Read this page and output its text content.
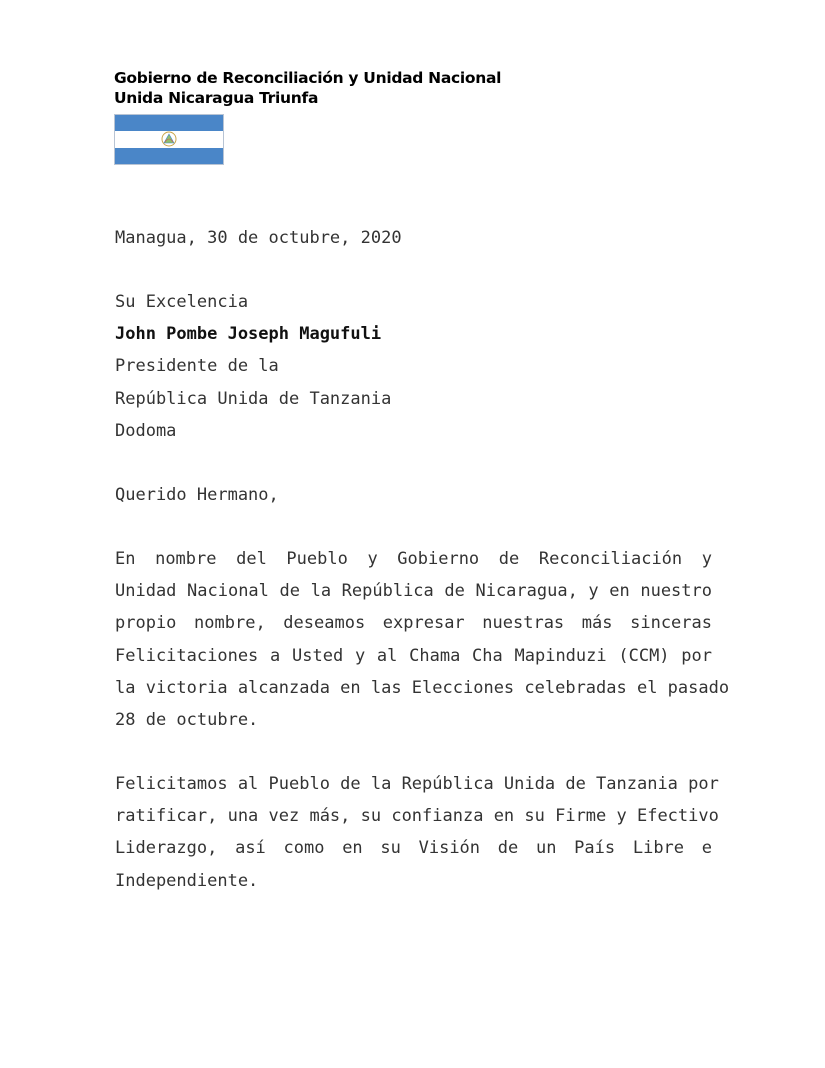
Gobierno de Reconciliación y Unidad Nacional
Unida Nicaragua Triunfa
Managua, 30 de octubre, 2020
Su Excelencia
John Pombe Joseph Magufuli
Presidente de la
República Unida de Tanzania
Dodoma
Querido Hermano,
En nombre del Pueblo y Gobierno de Reconciliación y
Unidad Nacional de la República de Nicaragua, y en nuestro
propio nombre, deseamos expresar nuestras más sinceras
Felicitaciones a Usted y al Chama Cha Mapinduzi (CCM) por
la victoria alcanzada en las Elecciones celebradas el pasado
28 de octubre.
Felicitamos al Pueblo de la República Unida de Tanzania por
ratificar, una vez más, su confianza en su Firme y Efectivo
Liderazgo, así como en su Visión de un País Libre e
Independiente.
